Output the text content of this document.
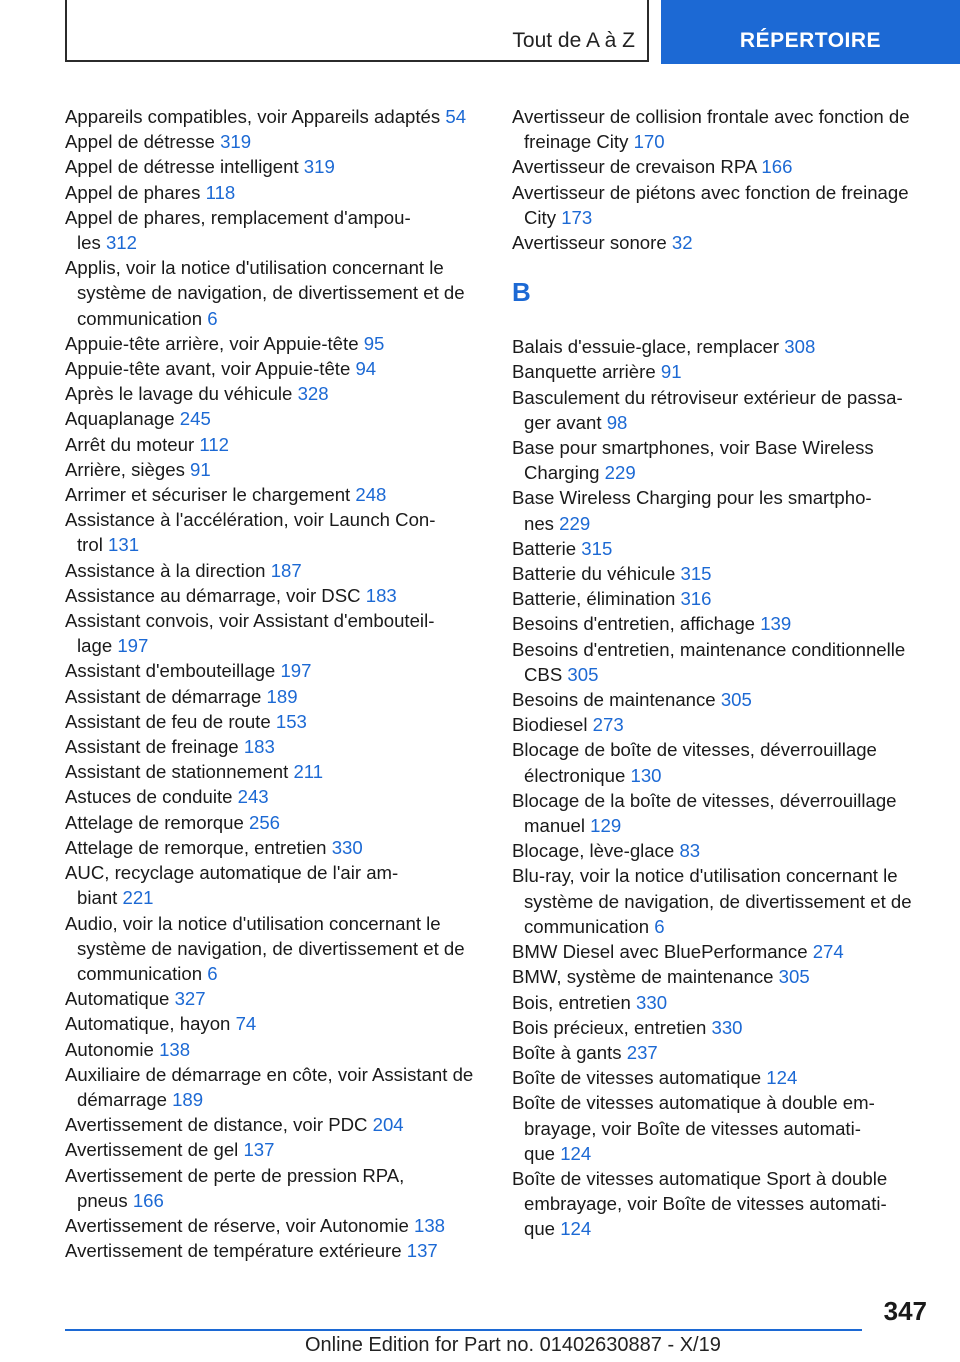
Tout de A à Z	RÉPERTOIRE
Appareils compatibles, voir Appareils adaptés 54
Appel de détresse 319
Appel de détresse intelligent 319
Appel de phares 118
Appel de phares, remplacement d'ampou-
les 312
Applis, voir la notice d'utilisation concernant le
système de navigation, de divertissement et de
communication 6
Appuie-tête arrière, voir Appuie-tête 95
Appuie-tête avant, voir Appuie-tête 94
Après le lavage du véhicule 328
Aquaplanage 245
Arrêt du moteur 112
Arrière, sièges 91
Arrimer et sécuriser le chargement 248
Assistance à l'accélération, voir Launch Con-
trol 131
Assistance à la direction 187
Assistance au démarrage, voir DSC 183
Assistant convois, voir Assistant d'embouteil-
lage 197
Assistant d'embouteillage 197
Assistant de démarrage 189
Assistant de feu de route 153
Assistant de freinage 183
Assistant de stationnement 211
Astuces de conduite 243
Attelage de remorque 256
Attelage de remorque, entretien 330
AUC, recyclage automatique de l'air am-
biant 221
Audio, voir la notice d'utilisation concernant le
système de navigation, de divertissement et de
communication 6
Automatique 327
Automatique, hayon 74
Autonomie 138
Auxiliaire de démarrage en côte, voir Assistant de
démarrage 189
Avertissement de distance, voir PDC 204
Avertissement de gel 137
Avertissement de perte de pression RPA,
pneus 166
Avertissement de réserve, voir Autonomie 138
Avertissement de température extérieure 137
Avertisseur de collision frontale avec fonction de
freinage City 170
Avertisseur de crevaison RPA 166
Avertisseur de piétons avec fonction de freinage
City 173
Avertisseur sonore 32
B
Balais d'essuie-glace, remplacer 308
Banquette arrière 91
Basculement du rétroviseur extérieur de passa-
ger avant 98
Base pour smartphones, voir Base Wireless
Charging 229
Base Wireless Charging pour les smartpho-
nes 229
Batterie 315
Batterie du véhicule 315
Batterie, élimination 316
Besoins d'entretien, affichage 139
Besoins d'entretien, maintenance conditionnelle
CBS 305
Besoins de maintenance 305
Biodiesel 273
Blocage de boîte de vitesses, déverrouillage
électronique 130
Blocage de la boîte de vitesses, déverrouillage
manuel 129
Blocage, lève-glace 83
Blu-ray, voir la notice d'utilisation concernant le
système de navigation, de divertissement et de
communication 6
BMW Diesel avec BluePerformance 274
BMW, système de maintenance 305
Bois, entretien 330
Bois précieux, entretien 330
Boîte à gants 237
Boîte de vitesses automatique 124
Boîte de vitesses automatique à double em-
brayage, voir Boîte de vitesses automati-
que 124
Boîte de vitesses automatique Sport à double
embrayage, voir Boîte de vitesses automati-
que 124
347
Online Edition for Part no. 01402630887 - X/19
